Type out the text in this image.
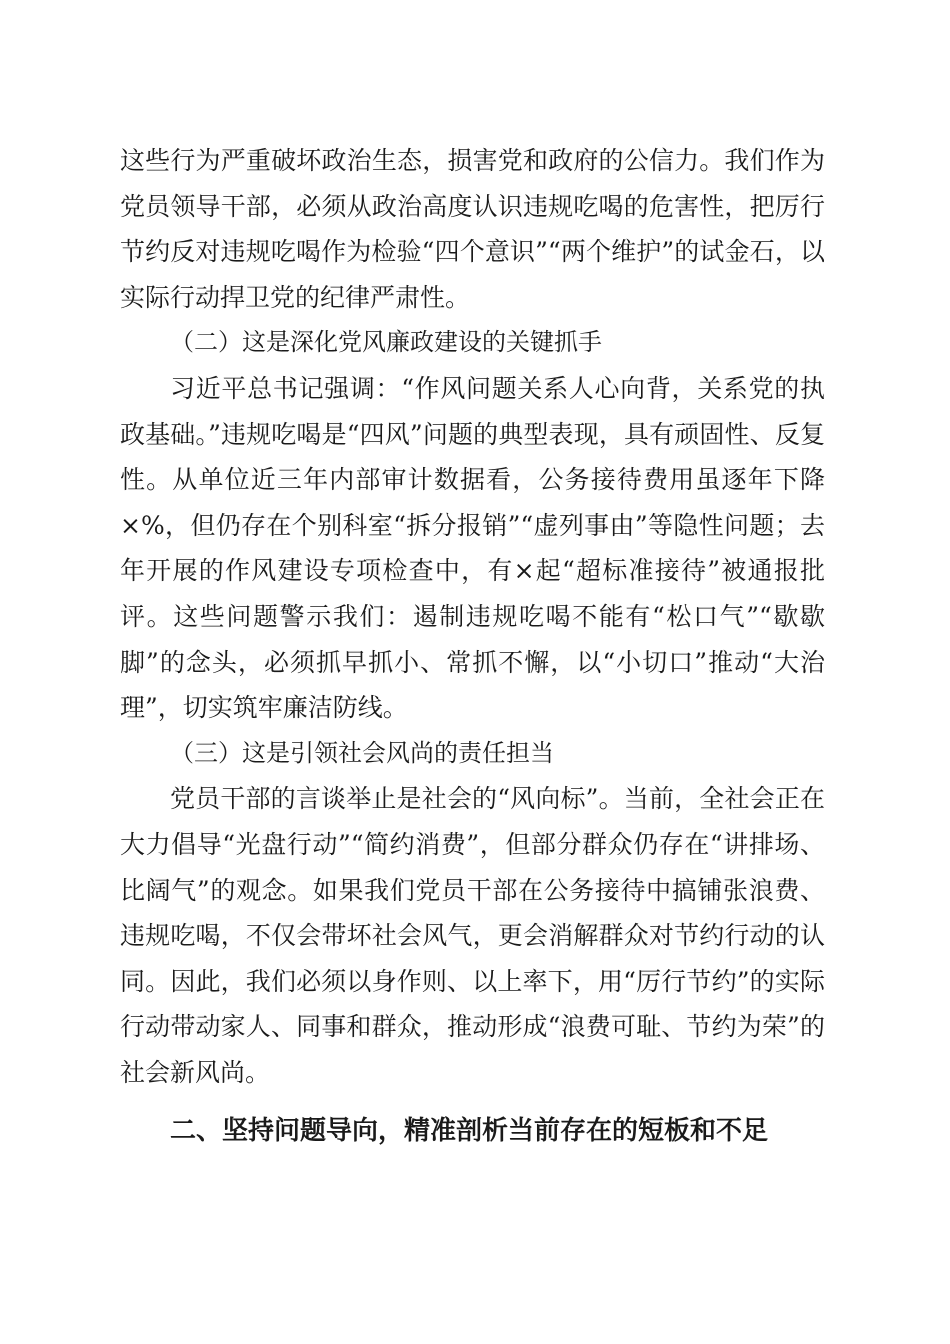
这些行为严重破坏政治生态，损害党和政府的公信力。我们作为党员领导干部，必须从政治高度认识违规吃喝的危害性，把厉行节约反对违规吃喝作为检验“四个意识”“两个维护”的试金石，以实际行动捍卫党的纪律严肃性。

（二）这是深化党风廉政建设的关键抓手

习近平总书记强调：“作风问题关系人心向背，关系党的执政基础。”违规吃喝是“四风”问题的典型表现，具有顽固性、反复性。从单位近三年内部审计数据看，公务接待费用虽逐年下降×%，但仍存在个别科室“拆分报销”“虚列事由”等隐性问题；去年开展的作风建设专项检查中，有×起“超标准接待”被通报批评。这些问题警示我们：遏制违规吃喝不能有“松口气”“歇歇脚”的念头，必须抓早抓小、常抓不懈，以“小切口”推动“大治理”，切实筑牢廉洁防线。

（三）这是引领社会风尚的责任担当

党员干部的言谈举止是社会的“风向标”。当前，全社会正在大力倡导“光盘行动”“简约消费”，但部分群众仍存在“讲排场、比阔气”的观念。如果我们党员干部在公务接待中搞铺张浪费、违规吃喝，不仅会带坏社会风气，更会消解群众对节约行动的认同。因此，我们必须以身作则、以上率下，用“厉行节约”的实际行动带动家人、同事和群众，推动形成“浪费可耻、节约为荣”的社会新风尚。

二、坚持问题导向，精准剖析当前存在的短板和不足
